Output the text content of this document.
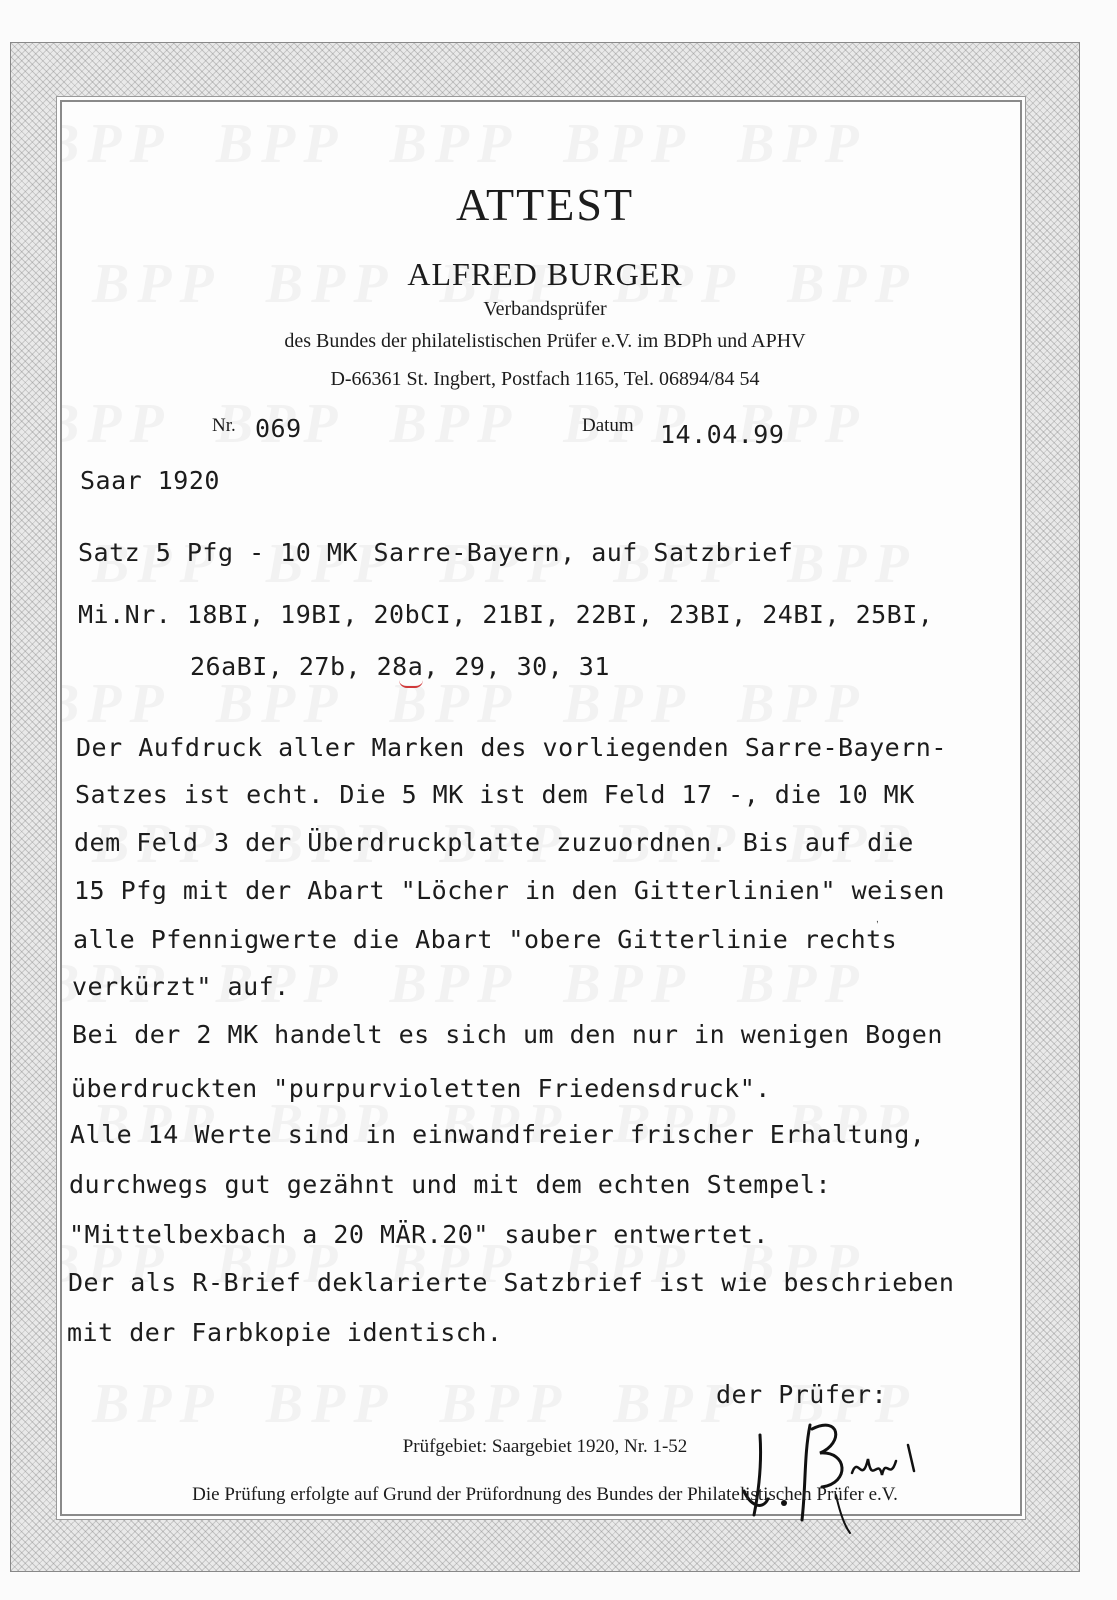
ATTEST
ALFRED BURGER
Verbandsprüfer
des Bundes der philatelistischen Prüfer e.V. im BDPh und APHV
D-66361 St. Ingbert, Postfach 1165, Tel. 06894/84 54
Nr. 069	Datum 14.04.99
Saar 1920
Satz 5 Pfg - 10 MK Sarre-Bayern, auf Satzbrief
Mi.Nr. 18BI, 19BI, 20bCI, 21BI, 22BI, 23BI, 24BI, 25BI,
26aBI, 27b, 28a, 29, 30, 31
Der Aufdruck aller Marken des vorliegenden Sarre-Bayern-
Satzes ist echt. Die 5 MK ist dem Feld 17 -, die 10 MK
dem Feld 3 der Überdruckplatte zuzuordnen. Bis auf die
15 Pfg mit der Abart "Löcher in den Gitterlinien" weisen
,
alle Pfennigwerte die Abart "obere Gitterlinie rechts
verkürzt" auf.
Bei der 2 MK handelt es sich um den nur in wenigen Bogen
überdruckten "purpurvioletten Friedensdruck".
Alle 14 Werte sind in einwandfreier frischer Erhaltung,
durchwegs gut gezähnt und mit dem echten Stempel:
"Mittelbexbach a 20 MÄR.20" sauber entwertet.
Der als R-Brief deklarierte Satzbrief ist wie beschrieben
mit der Farbkopie identisch.
der Prüfer:
Prüfgebiet: Saargebiet 1920, Nr. 1-52
Die Prüfung erfolgte auf Grund der Prüfordnung des Bundes der Philatelistischen Prüfer e.V.
